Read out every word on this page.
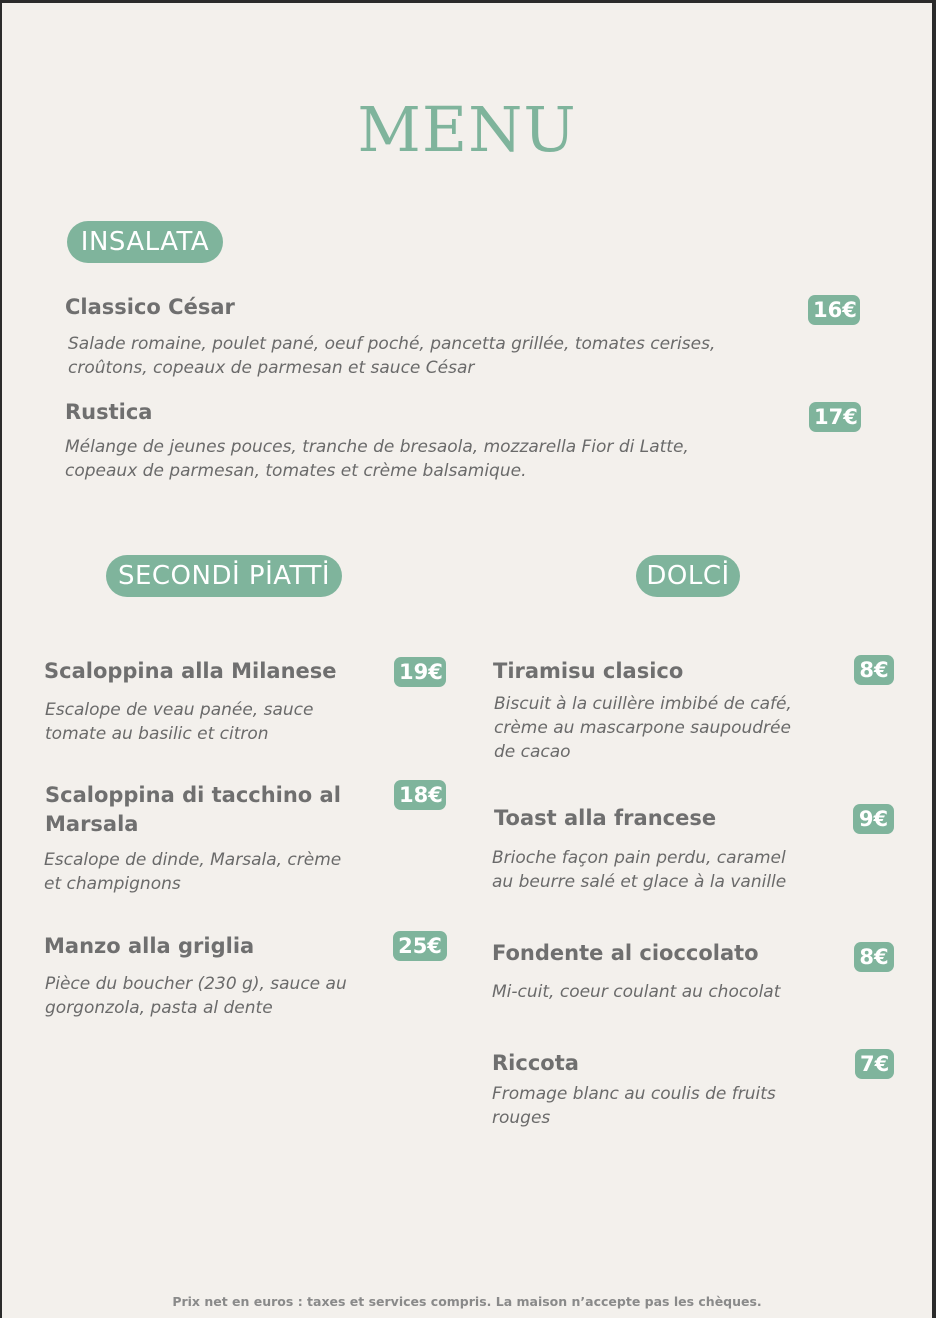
MENU
INSALATA
Classico César	16€

Salade romaine, poulet pané, oeuf poché, pancetta grillée, tomates cerises, croûtons, copeaux de parmesan et sauce César

Rustica	17€

Mélange de jeunes pouces, tranche de bresaola, mozzarella Fior di Latte, copeaux de parmesan, tomates et crème balsamique.

SECONDİ PİATTİ
Scaloppina alla Milanese	19€

Escalope de veau panée, sauce tomate au basilic et citron

Scaloppina di tacchino al Marsala
18€

Escalope de dinde, Marsala, crème et champignons

Manzo alla griglia	25€

Pièce du boucher (230 g), sauce au gorgonzola, pasta al dente

DOLCİ
Tiramisu clasico	8€

Biscuit à la cuillère imbibé de café, crème au mascarpone saupoudrée de cacao

Toast alla francese	9€

Brioche façon pain perdu, caramel au beurre salé et glace à la vanille

Fondente al cioccolato	8€

Mi-cuit, coeur coulant au chocolat

Riccota	7€

Fromage blanc au coulis de fruits rouges

Prix net en euros : taxes et services compris. La maison n’accepte pas les chèques.
